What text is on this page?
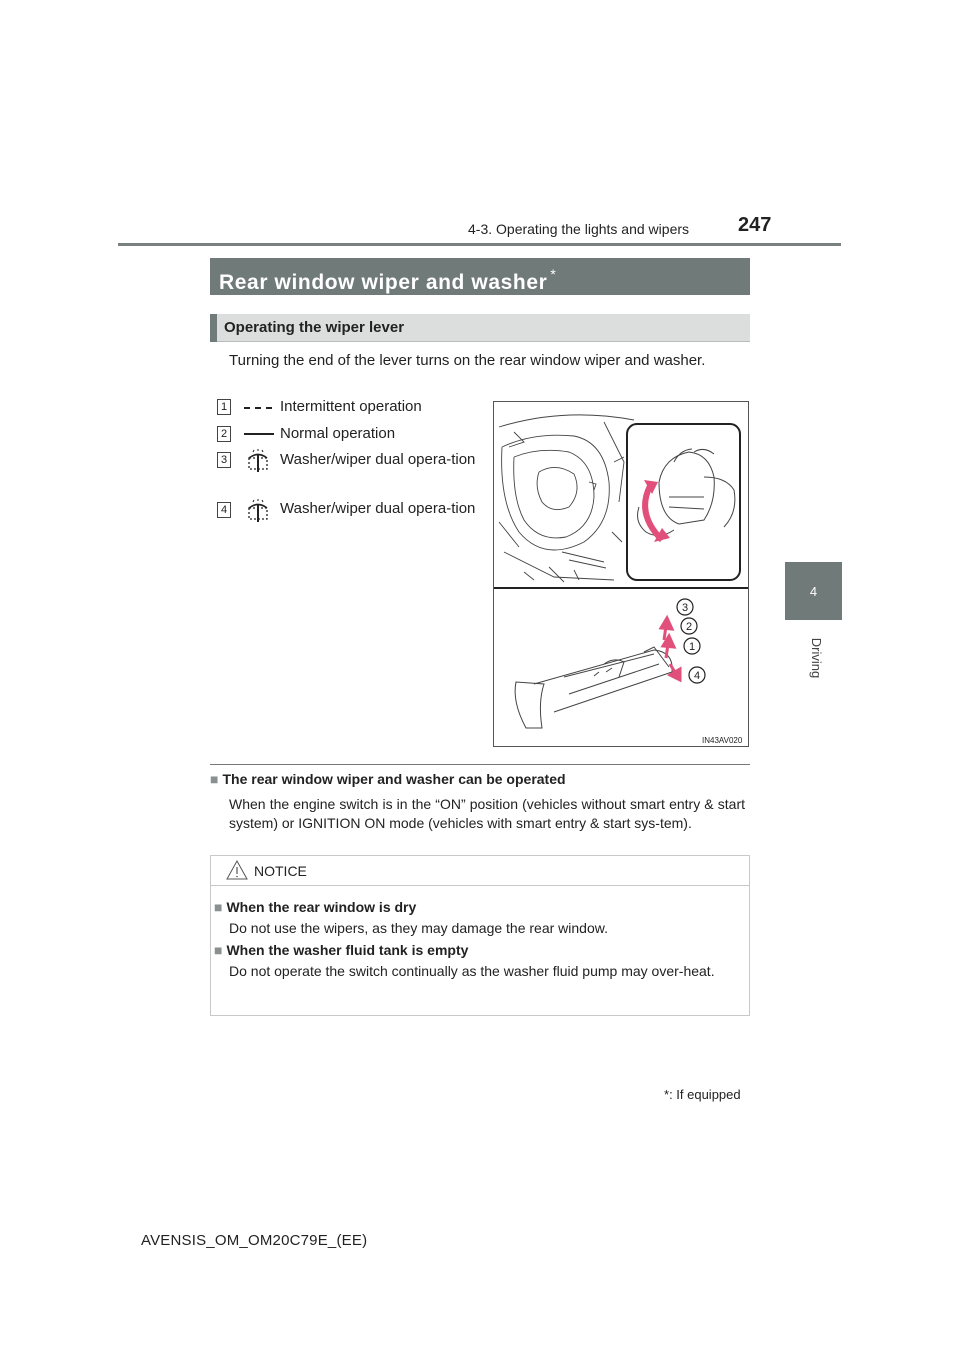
4-3. Operating the lights and wipers 247
4
Driving
Rear window wiper and washer *
Operating the wiper lever
Turning the end of the lever turns on the rear window wiper and washer.
1	Intermittent operation
2	Normal operation
3	Washer/wiper dual opera-tion
4	Washer/wiper dual opera-tion
3
2
1
4
IN43AV020
■ The rear window wiper and washer can be operated
When the engine switch is in the “ON” position (vehicles without smart entry & start system) or IGNITION ON mode (vehicles with smart entry & start sys-tem).
NOTICE
■ When the rear window is dry
Do not use the wipers, as they may damage the rear window.
■ When the washer fluid tank is empty
Do not operate the switch continually as the washer fluid pump may over-heat.
*: If equipped
AVENSIS_OM_OM20C79E_(EE)
